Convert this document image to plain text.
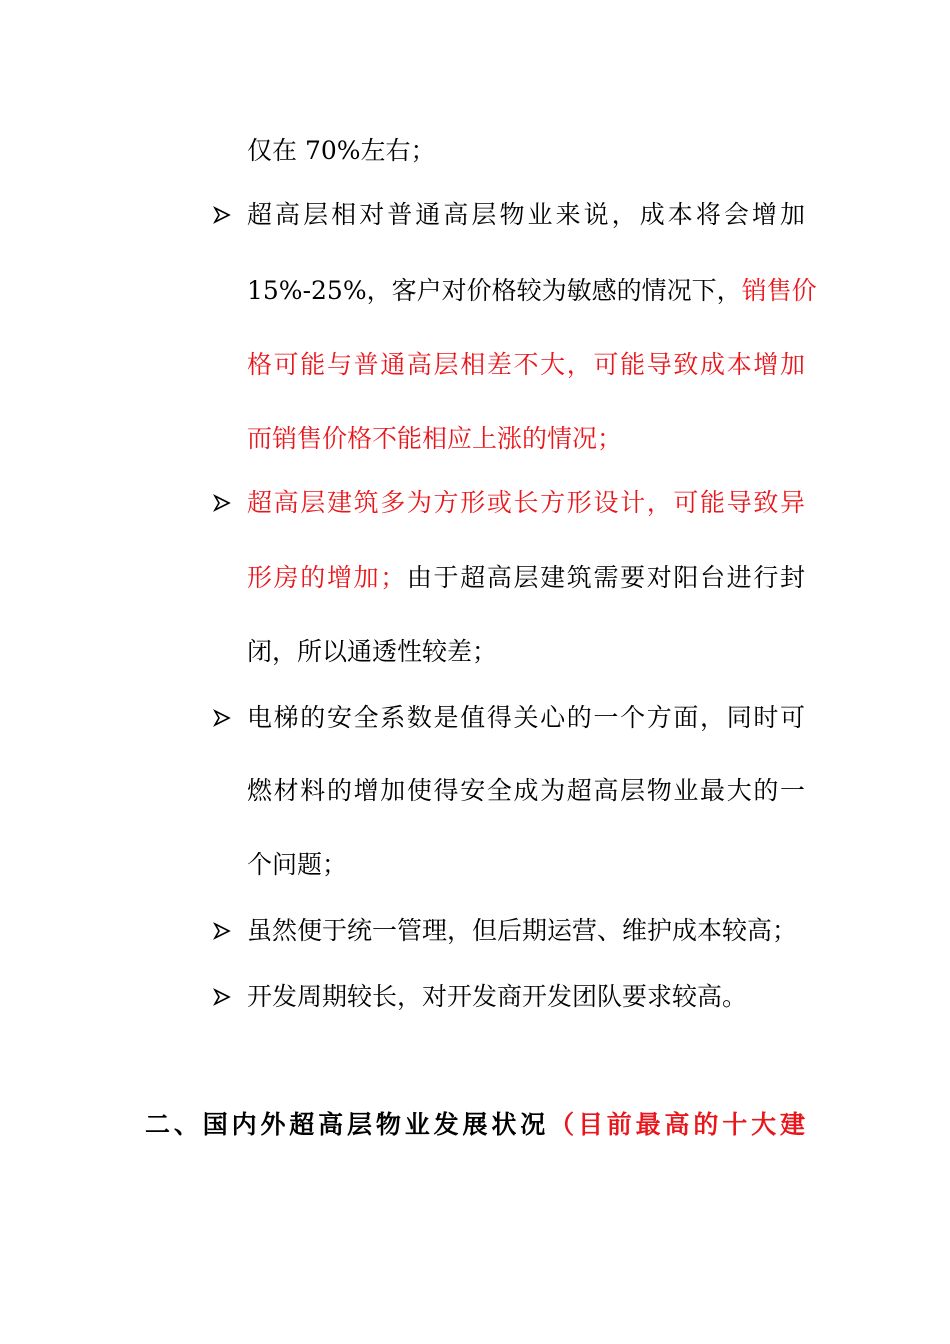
仅在 70%左右；
超高层相对普通高层物业来说，成本将会增加
15%-25%，客户对价格较为敏感的情况下，销售价
格可能与普通高层相差不大，可能导致成本增加
而销售价格不能相应上涨的情况；
超高层建筑多为方形或长方形设计，可能导致异
形房的增加；由于超高层建筑需要对阳台进行封
闭，所以通透性较差；
电梯的安全系数是值得关心的一个方面，同时可
燃材料的增加使得安全成为超高层物业最大的一
个问题；
虽然便于统一管理，但后期运营、维护成本较高；
开发周期较长，对开发商开发团队要求较高。
二、国内外超高层物业发展状况（目前最高的十大建
